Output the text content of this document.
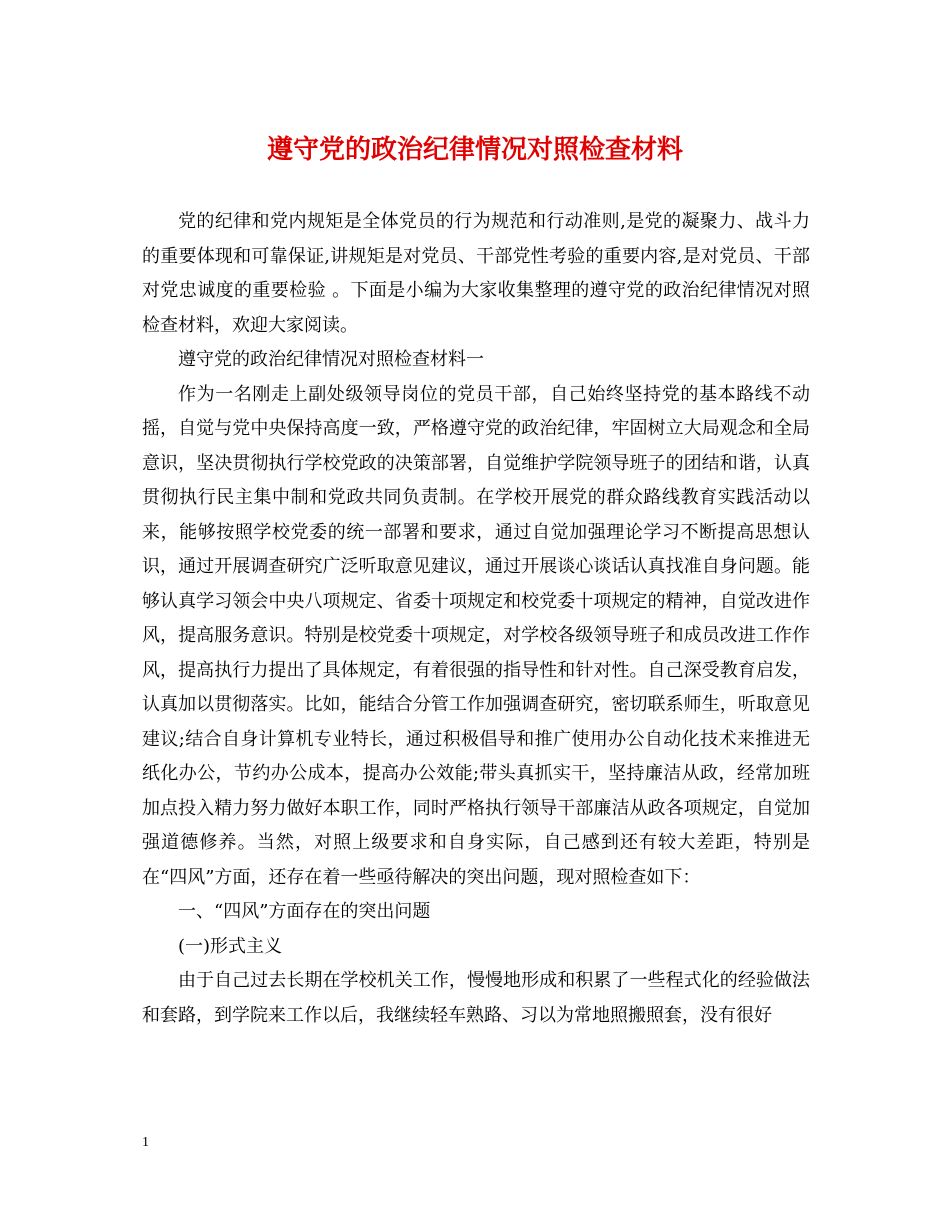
遵守党的政治纪律情况对照检查材料

党的纪律和党内规矩是全体党员的行为规范和行动准则,是党的凝聚力、战斗力的重要体现和可靠保证,讲规矩是对党员、干部党性考验的重要内容,是对党员、干部对党忠诚度的重要检验 。下面是小编为大家收集整理的遵守党的政治纪律情况对照检查材料，欢迎大家阅读。

遵守党的政治纪律情况对照检查材料一

作为一名刚走上副处级领导岗位的党员干部，自己始终坚持党的基本路线不动摇，自觉与党中央保持高度一致，严格遵守党的政治纪律，牢固树立大局观念和全局意识，坚决贯彻执行学校党政的决策部署，自觉维护学院领导班子的团结和谐，认真贯彻执行民主集中制和党政共同负责制。在学校开展党的群众路线教育实践活动以来，能够按照学校党委的统一部署和要求，通过自觉加强理论学习不断提高思想认识，通过开展调查研究广泛听取意见建议，通过开展谈心谈话认真找准自身问题。能够认真学习领会中央八项规定、省委十项规定和校党委十项规定的精神，自觉改进作风，提高服务意识。特别是校党委十项规定，对学校各级领导班子和成员改进工作作风，提高执行力提出了具体规定，有着很强的指导性和针对性。自己深受教育启发，认真加以贯彻落实。比如，能结合分管工作加强调查研究，密切联系师生，听取意见建议;结合自身计算机专业特长，通过积极倡导和推广使用办公自动化技术来推进无纸化办公，节约办公成本，提高办公效能;带头真抓实干，坚持廉洁从政，经常加班加点投入精力努力做好本职工作，同时严格执行领导干部廉洁从政各项规定，自觉加强道德修养。当然，对照上级要求和自身实际，自己感到还有较大差距，特别是在“四风”方面，还存在着一些亟待解决的突出问题，现对照检查如下：

一、“四风”方面存在的突出问题

(一)形式主义

由于自己过去长期在学校机关工作，慢慢地形成和积累了一些程式化的经验做法和套路，到学院来工作以后，我继续轻车熟路、习以为常地照搬照套，没有很好

1
